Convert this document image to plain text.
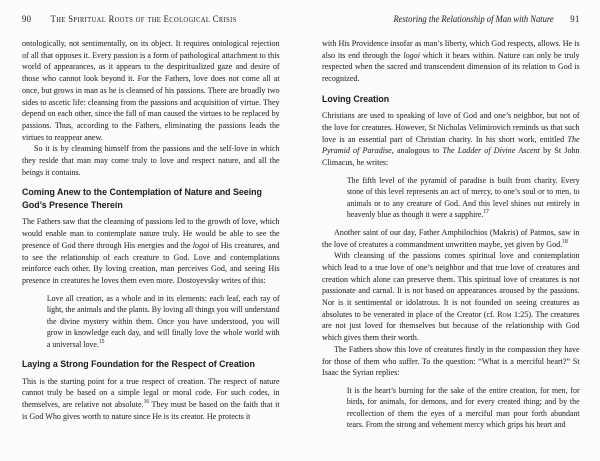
90 The Spiritual Roots of the Ecological Crisis

ontologically, not sentimentally, on its object. It requires ontological rejection of all that opposes it. Every passion is a form of pathological attachment to this world of appearances, as it appears to the despiritualized gaze and desire of those who cannot look beyond it. For the Fathers, love does not come all at once, but grows in man as he is cleansed of his passions. There are broadly two sides to ascetic life: cleansing from the passions and acquisition of virtue. They depend on each other, since the fall of man caused the virtues to be replaced by passions. Thus, according to the Fathers, eliminating the passions leads the virtues to reappear anew.

So it is by cleansing himself from the passions and the self-love in which they reside that man may come truly to love and respect nature, and all the beings it contains.

Coming Anew to the Contemplation of Nature and Seeing God’s Presence Therein

The Fathers saw that the cleansing of passions led to the growth of love, which would enable man to contemplate nature truly. He would be able to see the presence of God there through His energies and the logoi of His creatures, and to see the relationship of each creature to God. Love and contemplations reinforce each other. By loving creation, man perceives God, and seeing His presence in creatures he loves them even more. Dostoyevsky writes of this:

Love all creation, as a whole and in its elements: each leaf, each ray of light, the animals and the plants. By loving all things you will understand the divine mystery within them. Once you have understood, you will grow in knowledge each day, and will finally love the whole world with a universal love.$^{15}$
Laying a Strong Foundation for the Respect of Creation

This is the starting point for a true respect of creation. The respect of nature cannot truly be based on a simple legal or moral code. For such codes, in themselves, are relative not absolute.$^{16}$ They must be based on the faith that it is God Who gives worth to nature since He is its creator. He protects it

Restoring the Relationship of Man with Nature 91

with His Providence insofar as man’s liberty, which God respects, allows. He is also its end through the logoi which it bears within. Nature can only be truly respected when the sacred and transcendent dimension of its relation to God is recognized.

Loving Creation

Christians are used to speaking of love of God and one’s neighbor, but not of the love for creatures. However, St Nicholas Velimirovich reminds us that such love is an essential part of Christian charity. In his short work, entitled The Pyramid of Paradise, analogous to The Ladder of Divine Ascent by St John Climacus, he writes:

The fifth level of the pyramid of paradise is built from charity. Every stone of this level represents an act of mercy, to one’s soul or to men, to animals or to any creature of God. And this level shines out entirely in heavenly blue as though it were a sapphire.$^{17}$

Another saint of our day, Father Amphilochios (Makris) of Patmos, saw in the love of creatures a commandment unwritten maybe, yet given by God.$^{18}$

With cleansing of the passions comes spiritual love and contemplation which lead to a true love of one’s neighbor and that true love of creatures and creation which alone can preserve them. This spiritual love of creatures is not passionate and carnal. It is not based on appearances aroused by the passions. Nor is it sentimental or idolatrous. It is not founded on seeing creatures as absolutes to be venerated in place of the Creator (cf. Rom 1:25). The creatures are not just loved for themselves but because of the relationship with God which gives them their worth.

The Fathers show this love of creatures firstly in the compassion they have for those of them who suffer. To the question: “What is a merciful heart?” St Isaac the Syrian replies:

It is the heart’s burning for the sake of the entire creation, for men, for birds, for animals, for demons, and for every created thing; and by the recollection of them the eyes of a merciful man pour forth abundant tears. From the strong and vehement mercy which grips his heart and
